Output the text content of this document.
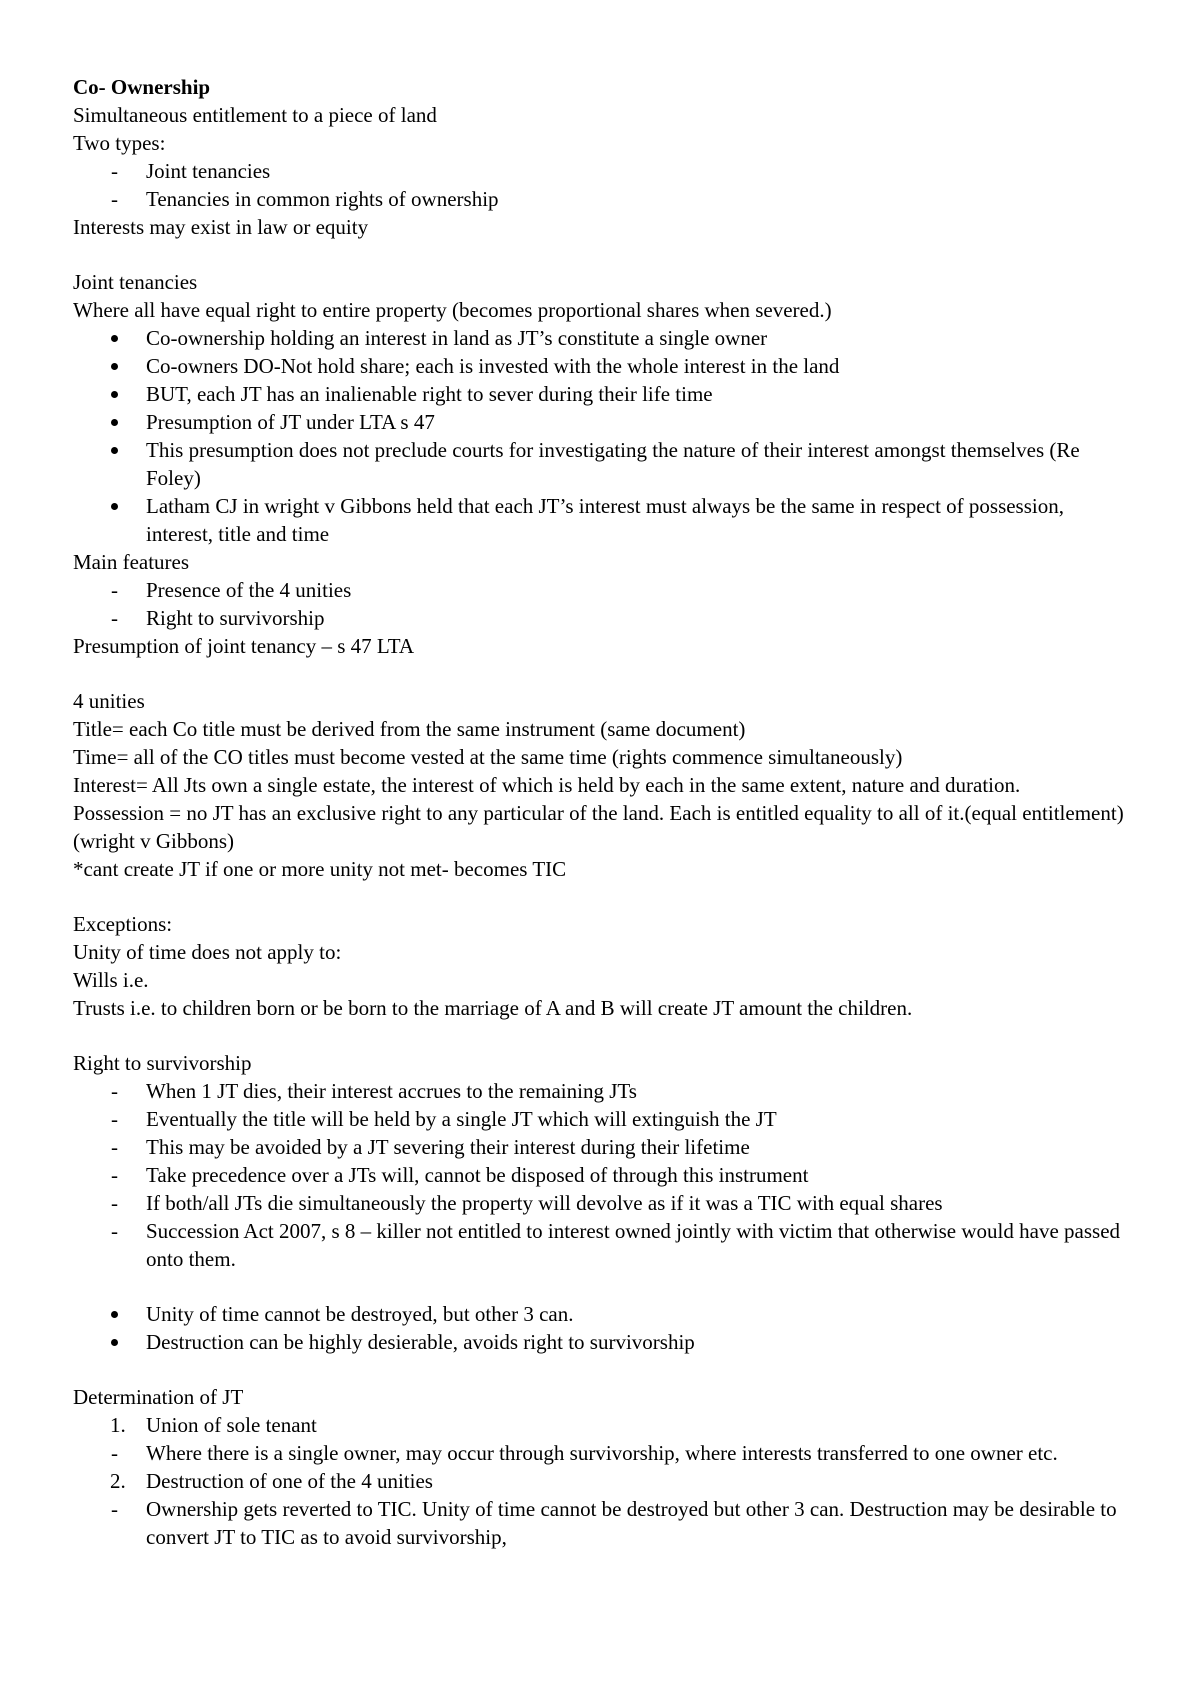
Co- Ownership

Simultaneous entitlement to a piece of land

Two types:

-	Joint tenancies
-	Tenancies in common rights of ownership

Interests may exist in law or equity

Joint tenancies

Where all have equal right to entire property (becomes proportional shares when severed.)

Co-ownership holding an interest in land as JT’s constitute a single owner
Co-owners DO-Not hold share; each is invested with the whole interest in the land
BUT, each JT has an inalienable right to sever during their life time
Presumption of JT under LTA s 47
This presumption does not preclude courts for investigating the nature of their interest amongst themselves (Re Foley)
Latham CJ in wright v Gibbons held that each JT’s interest must always be the same in respect of possession, interest, title and time

Main features

-	Presence of the 4 unities
-	Right to survivorship

Presumption of joint tenancy – s 47 LTA

4 unities

Title= each Co title must be derived from the same instrument (same document)

Time= all of the CO titles must become vested at the same time (rights commence simultaneously)

Interest= All Jts own a single estate, the interest of which is held by each in the same extent, nature and duration.

Possession = no JT has an exclusive right to any particular of the land. Each is entitled equality to all of it.(equal entitlement) (wright v Gibbons)

*cant create JT if one or more unity not met- becomes TIC

Exceptions:

Unity of time does not apply to:

Wills i.e.

Trusts i.e. to children born or be born to the marriage of A and B will create JT amount the children.

Right to survivorship

-	When 1 JT dies, their interest accrues to the remaining JTs
-	Eventually the title will be held by a single JT which will extinguish the JT
-	This may be avoided by a JT severing their interest during their lifetime
-	Take precedence over a JTs will, cannot be disposed of through this instrument
-	If both/all JTs die simultaneously the property will devolve as if it was a TIC with equal shares
-	Succession Act 2007, s 8 – killer not entitled to interest owned jointly with victim that otherwise would have passed onto them.
Unity of time cannot be destroyed, but other 3 can.
Destruction can be highly desierable, avoids right to survivorship

Determination of JT

1. Union of sole tenant
-	Where there is a single owner, may occur through survivorship, where interests transferred to one owner etc.
2. Destruction of one of the 4 unities
-	Ownership gets reverted to TIC. Unity of time cannot be destroyed but other 3 can. Destruction may be desirable to convert JT to TIC as to avoid survivorship,
